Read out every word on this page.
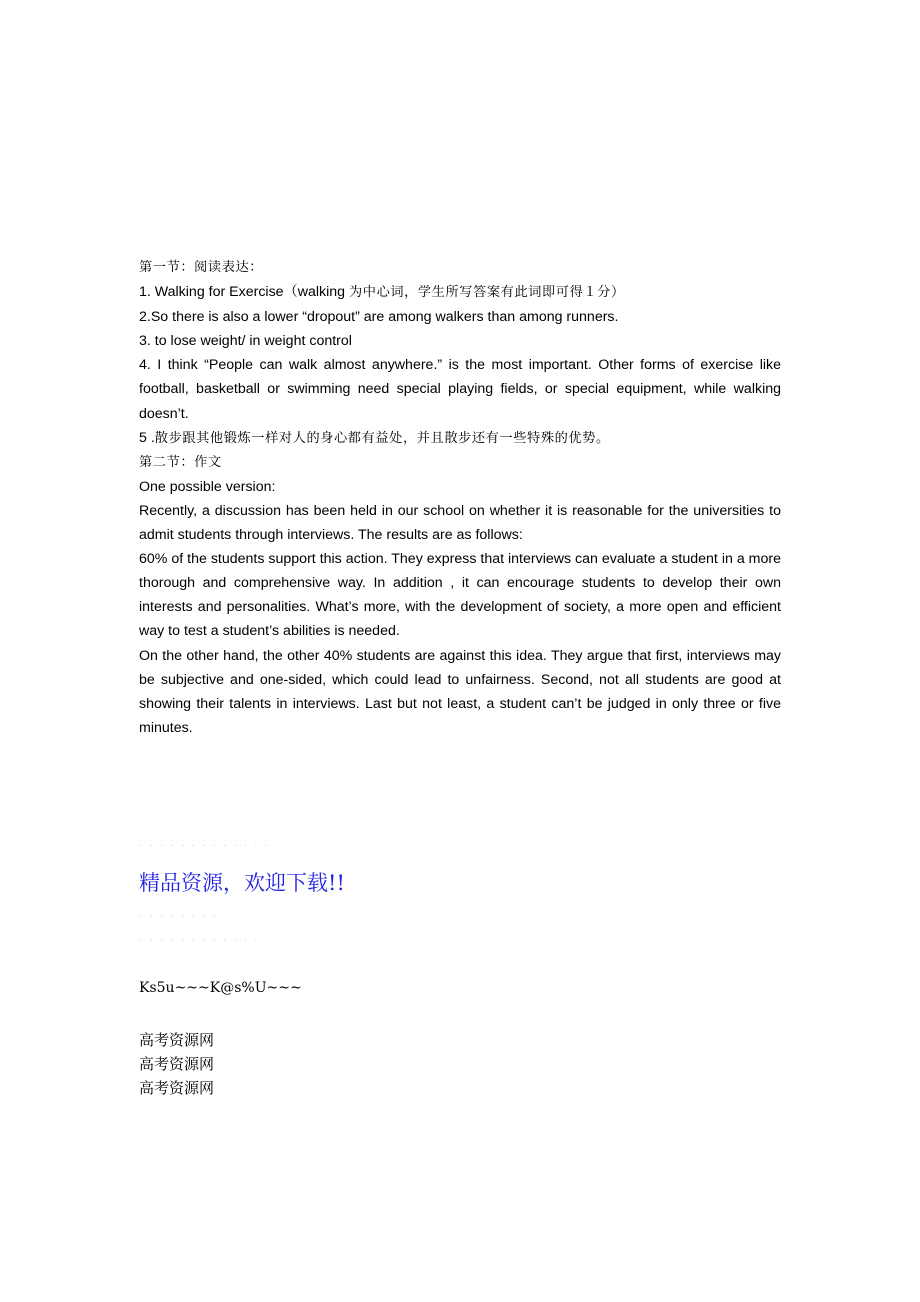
第一节：阅读表达：

1. Walking for Exercise（walking 为中心词，学生所写答案有此词即可得１分）

2.So there is also a lower “dropout” are among walkers than among runners.

3. to lose weight/ in weight control

4. I think “People can walk almost anywhere.” is the most important. Other forms of exercise like football, basketball or swimming need special playing fields, or special equipment, while walking doesn’t.

5 .散步跟其他锻炼一样对人的身心都有益处，并且散步还有一些特殊的优势。

第二节：作文

One possible version:

Recently, a discussion has been held in our school on whether it is reasonable for the universities to admit students through interviews. The results are as follows:

60% of the students support this action. They express that interviews can evaluate a student in a more thorough and comprehensive way. In addition , it can encourage students to develop their own interests and personalities. What’s more, with the development of society, a more open and efficient way to test a student’s abilities is needed.

On the other hand, the other 40% students are against this idea. They argue that first, interviews may be subjective and one-sided, which could lead to unfairness. Second, not all students are good at showing their talents in interviews. Last but not least, a student can’t be judged in only three or five minutes.

. . . . . . . . . . . . .
精品资源，欢迎下载!!
. . . . . . . .
. . . . . . . . . . . .
Ks5u~~~K@s%U~~~

高考资源网

高考资源网

高考资源网
